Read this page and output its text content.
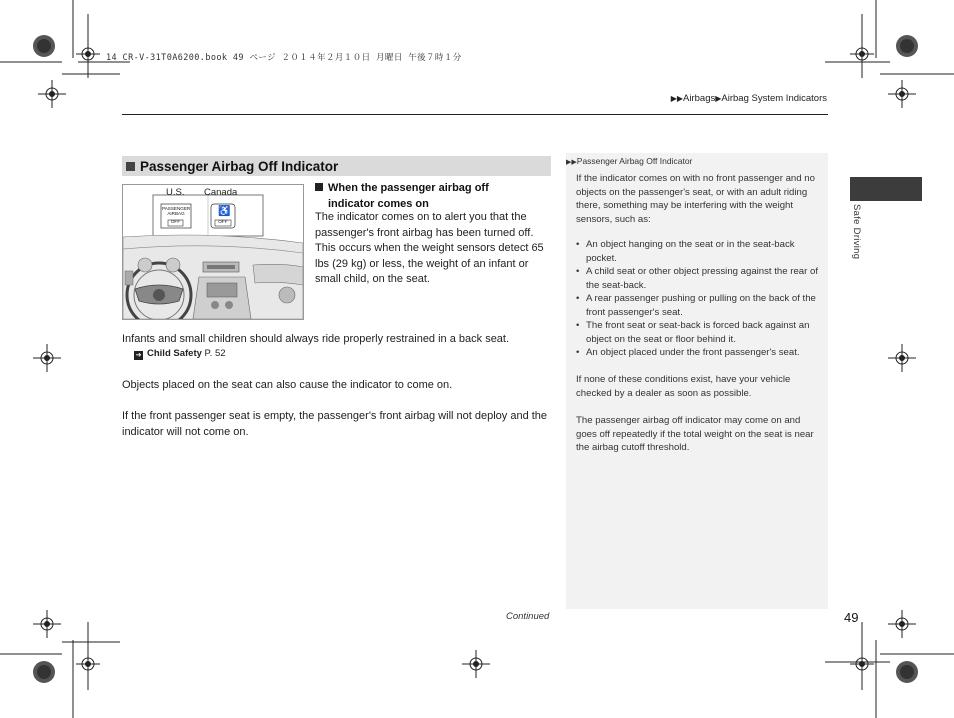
14 CR-V-31T0A6200.book 49 ページ ２０１４年２月１０日 月曜日 午後７時１分
▶▶Airbags▶Airbag System Indicators
Passenger Airbag Off Indicator
U.S. Canada
PASSENGER
AIRBAG
OFF
♿
OFF
When the passenger airbag off
indicator comes on
The indicator comes on to alert you that the passenger's front airbag has been turned off. This occurs when the weight sensors detect 65 lbs (29 kg) or less, the weight of an infant or small child, on the seat.
Infants and small children should always ride properly restrained in a back seat.
➔ Child Safety P. 52
Objects placed on the seat can also cause the indicator to come on.
If the front passenger seat is empty, the passenger's front airbag will not deploy and the indicator will not come on.
▶▶Passenger Airbag Off Indicator
If the indicator comes on with no front passenger and no objects on the passenger's seat, or with an adult riding there, something may be interfering with the weight sensors, such as:
• An object hanging on the seat or in the seat-back pocket.
• A child seat or other object pressing against the rear of the seat-back.
• A rear passenger pushing or pulling on the back of the front passenger's seat.
• The front seat or seat-back is forced back against an object on the seat or floor behind it.
• An object placed under the front passenger's seat.
If none of these conditions exist, have your vehicle checked by a dealer as soon as possible.
The passenger airbag off indicator may come on and goes off repeatedly if the total weight on the seat is near the airbag cutoff threshold.
Safe Driving
Continued	49
